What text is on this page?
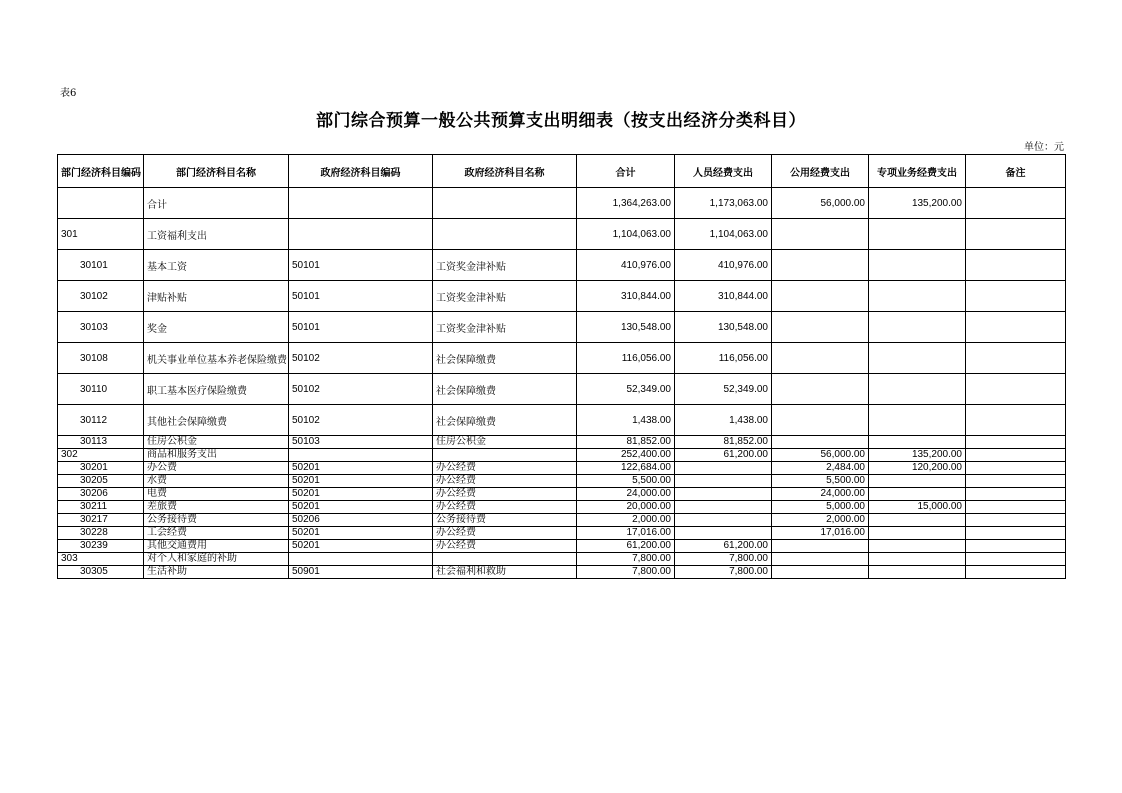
表6
部门综合预算一般公共预算支出明细表（按支出经济分类科目）
单位：元
部门经济科目编码	部门经济科目名称	政府经济科目编码	政府经济科目名称	合计	人员经费支出	公用经费支出	专项业务经费支出	备注
	合计			1,364,263.00	1,173,063.00	56,000.00	135,200.00	
301	工资福利支出			1,104,063.00	1,104,063.00			
30101	基本工资	50101	工资奖金津补贴	410,976.00	410,976.00			
30102	津贴补贴	50101	工资奖金津补贴	310,844.00	310,844.00			
30103	奖金	50101	工资奖金津补贴	130,548.00	130,548.00			
30108	机关事业单位基本养老保险缴费	50102	社会保障缴费	116,056.00	116,056.00			
30110	职工基本医疗保险缴费	50102	社会保障缴费	52,349.00	52,349.00			
30112	其他社会保障缴费	50102	社会保障缴费	1,438.00	1,438.00			
30113	住房公积金	50103	住房公积金	81,852.00	81,852.00			
302	商品和服务支出			252,400.00	61,200.00	56,000.00	135,200.00	
30201	办公费	50201	办公经费	122,684.00		2,484.00	120,200.00	
30205	水费	50201	办公经费	5,500.00		5,500.00		
30206	电费	50201	办公经费	24,000.00		24,000.00		
30211	差旅费	50201	办公经费	20,000.00		5,000.00	15,000.00	
30217	公务接待费	50206	公务接待费	2,000.00		2,000.00		
30228	工会经费	50201	办公经费	17,016.00		17,016.00		
30239	其他交通费用	50201	办公经费	61,200.00	61,200.00			
303	对个人和家庭的补助			7,800.00	7,800.00			
30305	生活补助	50901	社会福利和救助	7,800.00	7,800.00			
